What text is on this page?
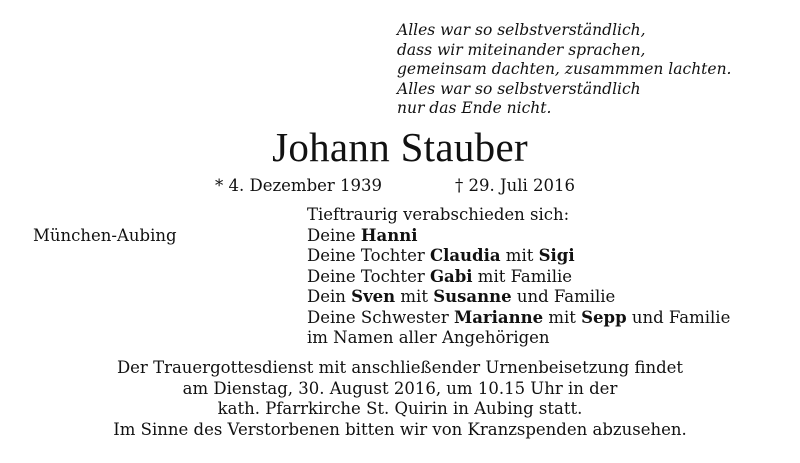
Alles war so selbstverständlich,
dass wir miteinander sprachen,
gemeinsam dachten, zusammmen lachten.
Alles war so selbstverständlich
nur das Ende nicht.
Johann Stauber
* 4. Dezember 1939	† 29. Juli 2016
München-Aubing
Tieftraurig verabschieden sich:
Deine Hanni
Deine Tochter Claudia mit Sigi
Deine Tochter Gabi mit Familie
Dein Sven mit Susanne und Familie
Deine Schwester Marianne mit Sepp und Familie
im Namen aller Angehörigen
Der Trauergottesdienst mit anschließender Urnenbeisetzung findet
am Dienstag, 30. August 2016, um 10.15 Uhr in der
kath. Pfarrkirche St. Quirin in Aubing statt.
Im Sinne des Verstorbenen bitten wir von Kranzspenden abzusehen.
